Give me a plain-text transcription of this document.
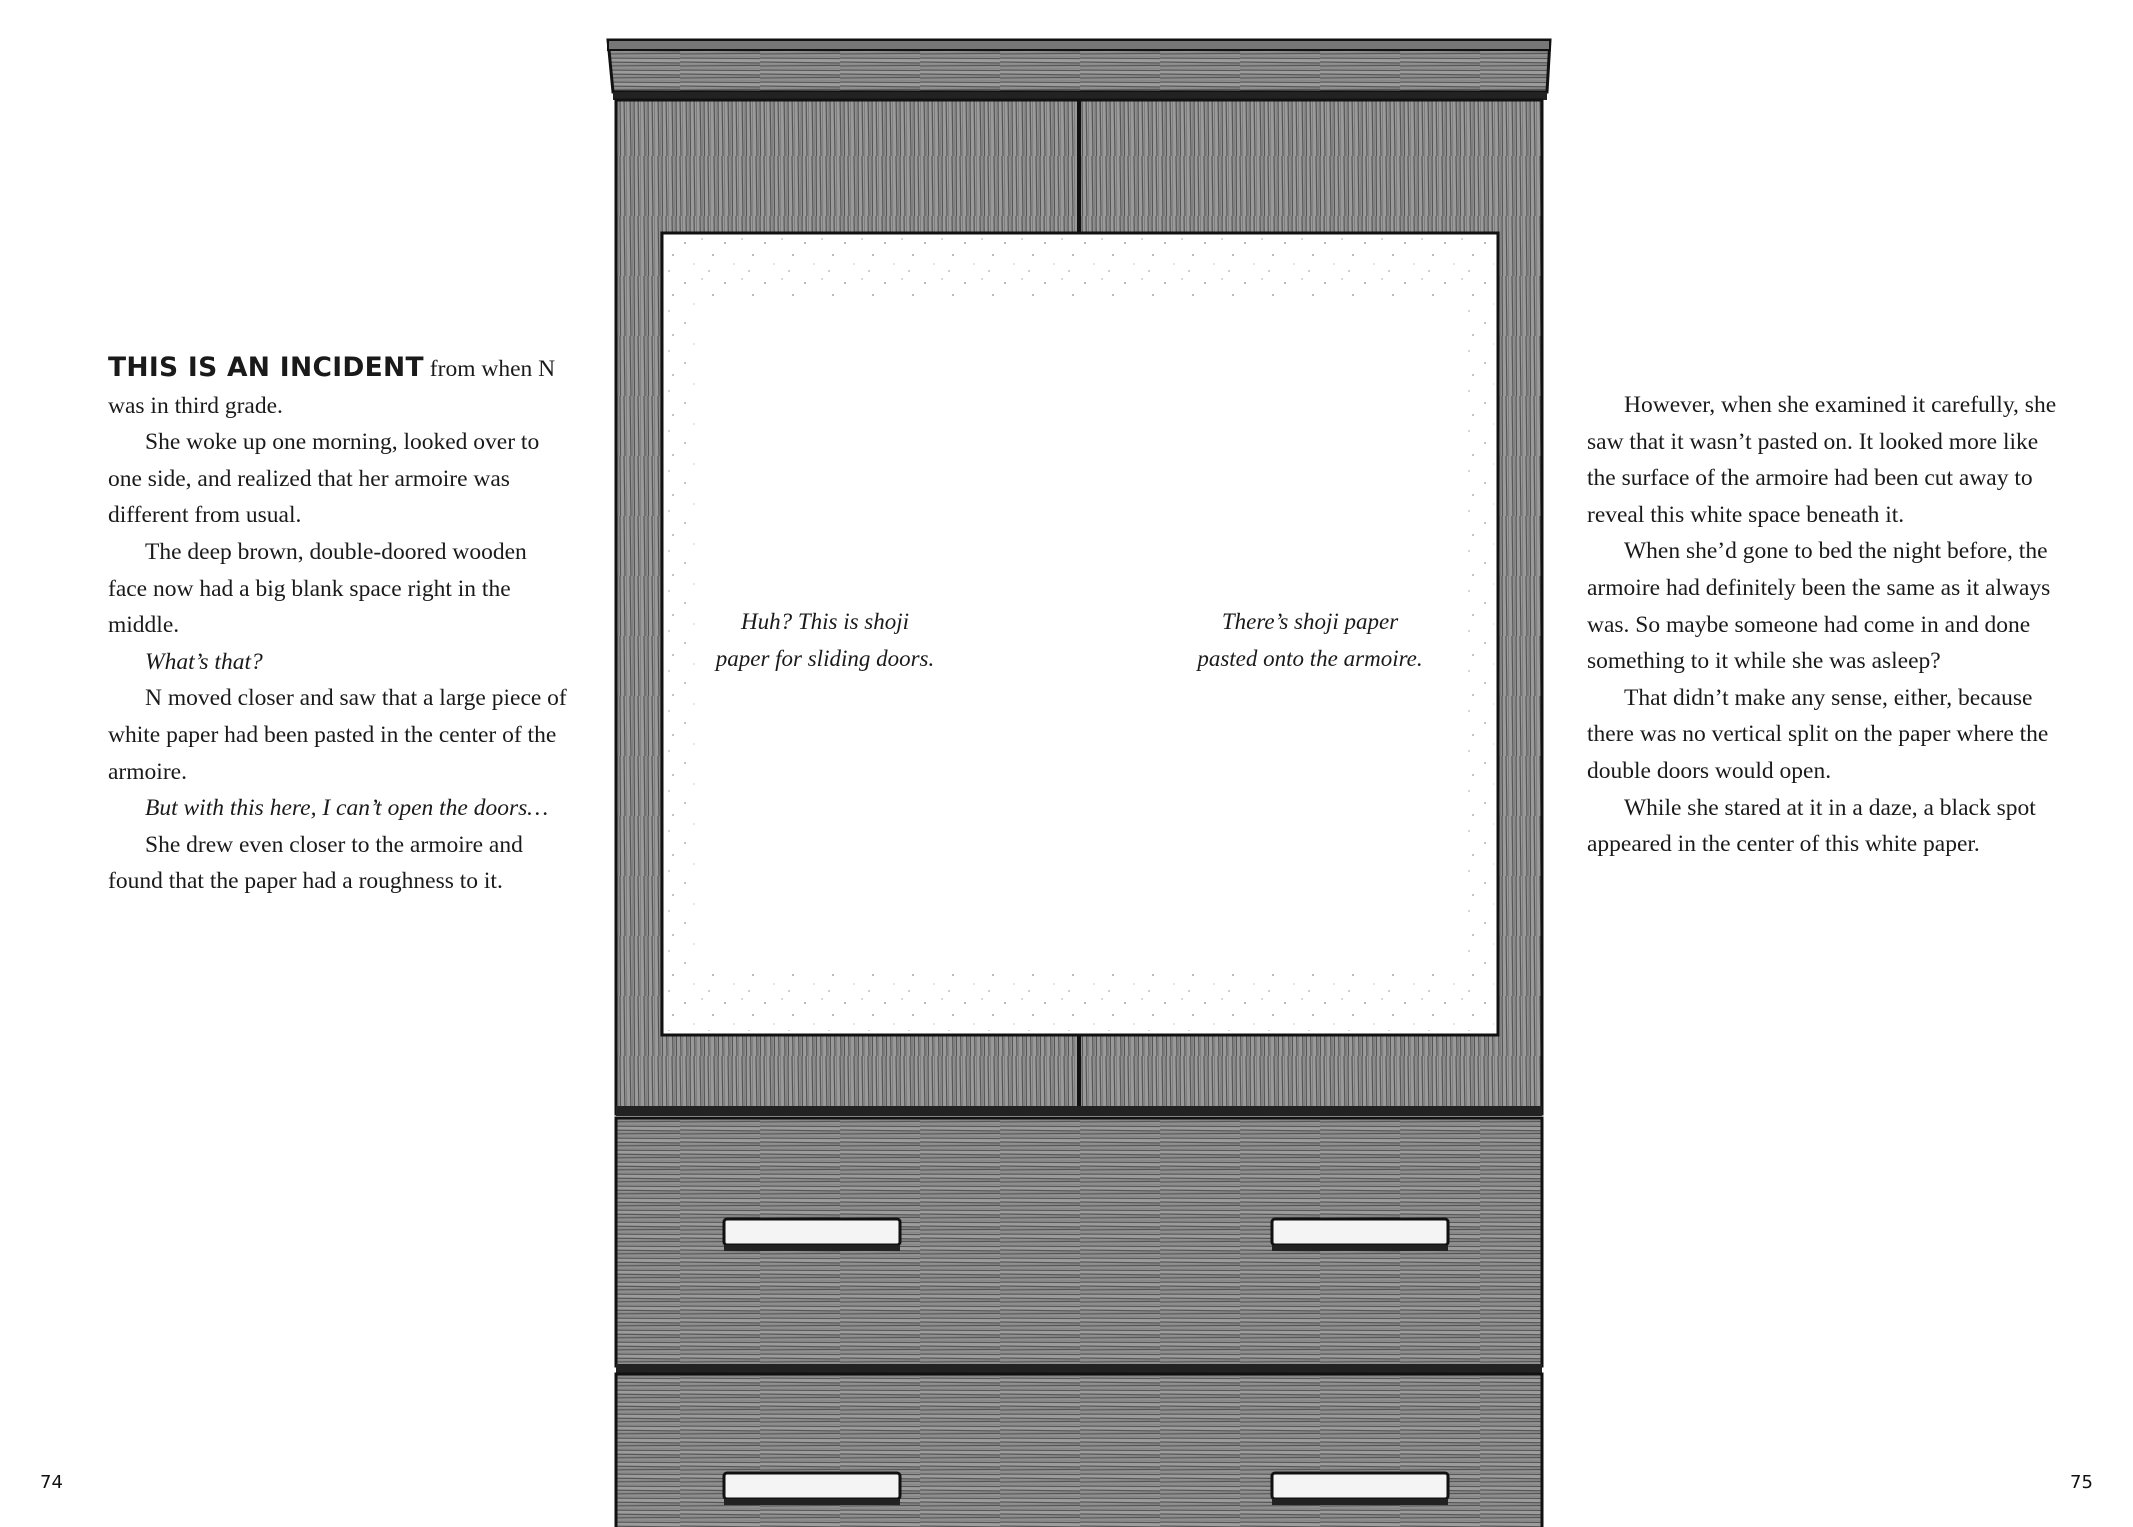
THIS IS AN INCIDENT from when N was in third grade.

She woke up one morning, looked over to one side, and realized that her armoire was different from usual.

The deep brown, double-doored wooden face now had a big blank space right in the middle.

What’s that?

N moved closer and saw that a large piece of white paper had been pasted in the center of the armoire.

But with this here, I can’t open the doors…

She drew even closer to the armoire and found that the paper had a roughness to it.

However, when she examined it carefully, she saw that it wasn’t pasted on. It looked more like the surface of the armoire had been cut away to reveal this white space beneath it.

When she’d gone to bed the night before, the armoire had definitely been the same as it always was. So maybe someone had come in and done something to it while she was asleep?

That didn’t make any sense, either, because there was no vertical split on the paper where the double doors would open.

While she stared at it in a daze, a black spot appeared in the center of this white paper.

74	75
Huh? This is shoji
paper for sliding doors.
There’s shoji paper
pasted onto the armoire.
